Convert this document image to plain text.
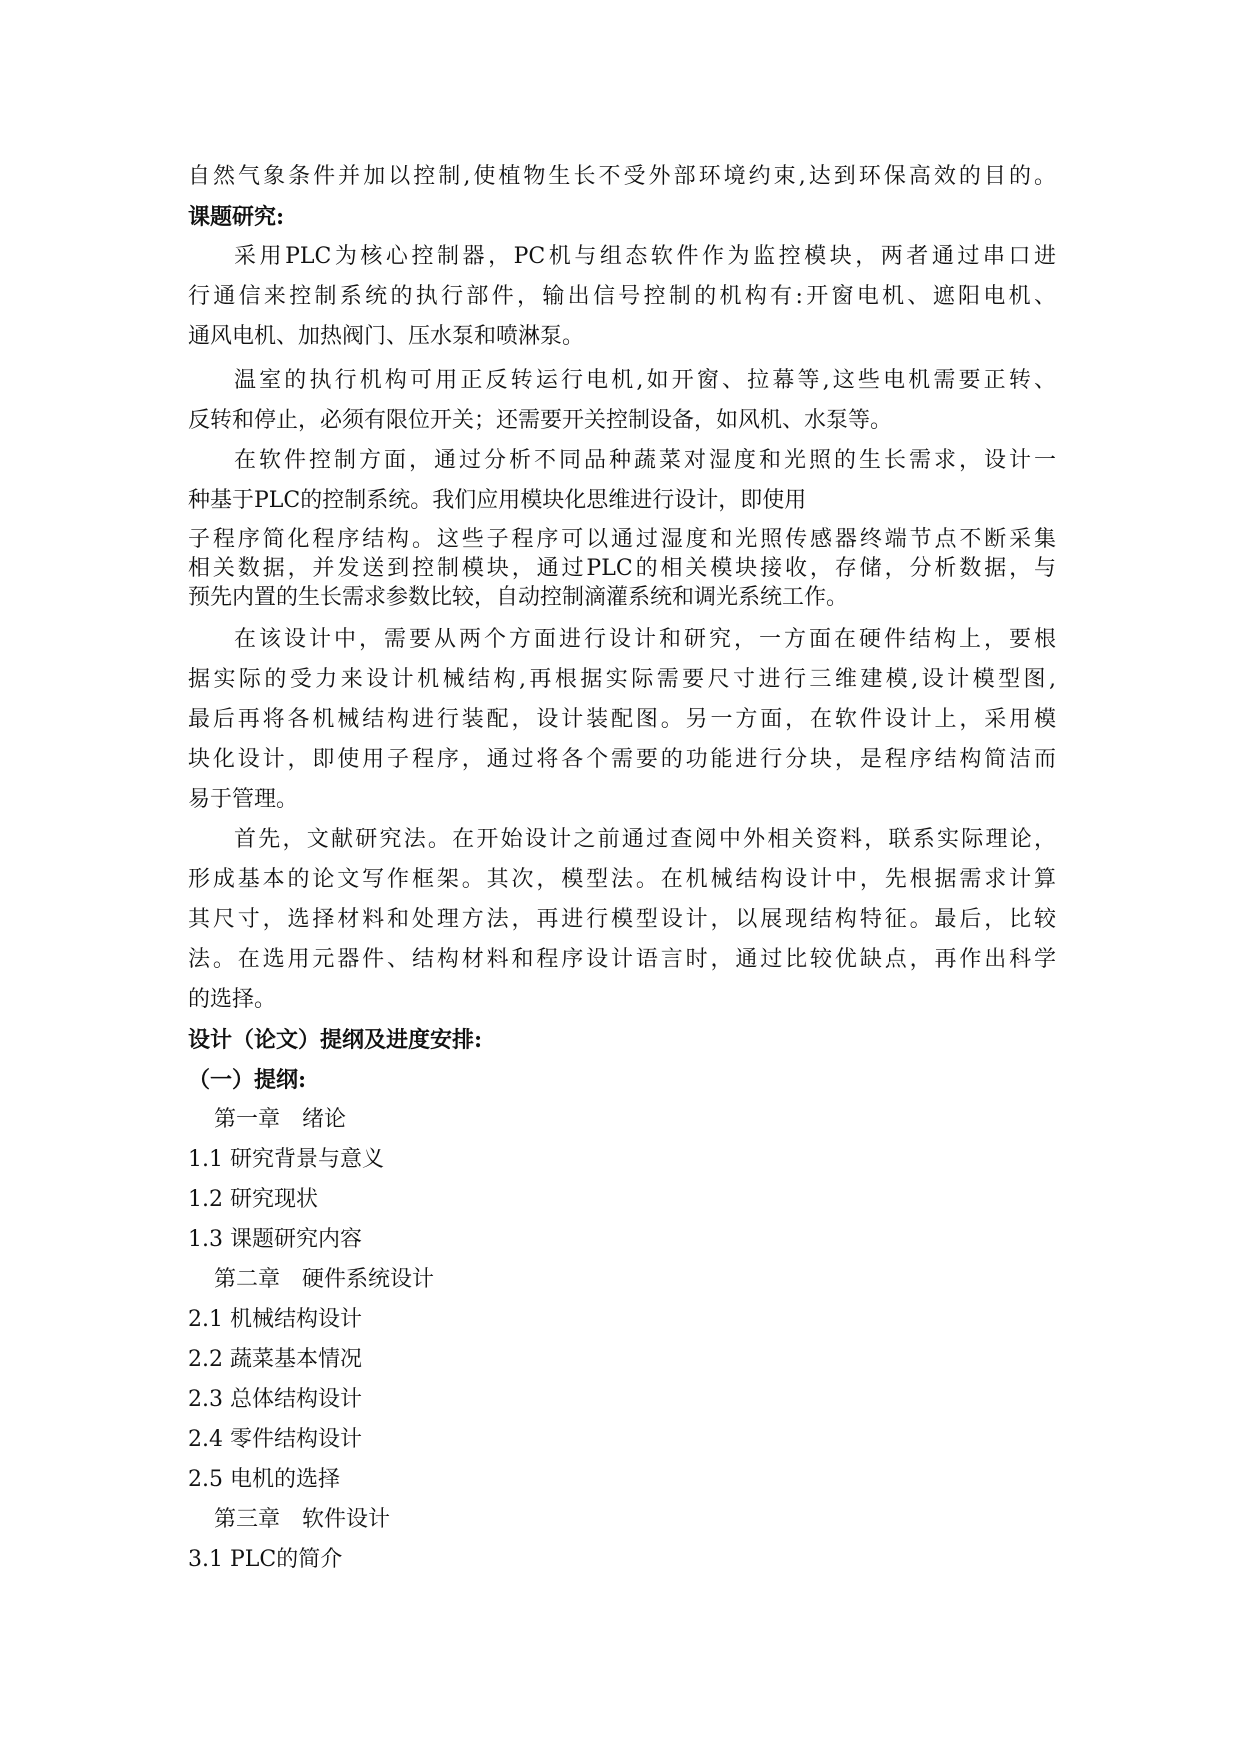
自然气象条件并加以控制,使植物生长不受外部环境约束,达到环保高效的目的。
课题研究:
采用PLC为核心控制器，PC机与组态软件作为监控模块，两者通过串口进
行通信来控制系统的执行部件，输出信号控制的机构有:开窗电机、遮阳电机、
通风电机、加热阀门、压水泵和喷淋泵。
温室的执行机构可用正反转运行电机,如开窗、拉幕等,这些电机需要正转、
反转和停止，必须有限位开关；还需要开关控制设备，如风机、水泵等。
在软件控制方面，通过分析不同品种蔬菜对湿度和光照的生长需求，设计一
种基于PLC的控制系统。我们应用模块化思维进行设计，即使用
子程序简化程序结构。这些子程序可以通过湿度和光照传感器终端节点不断采集
相关数据，并发送到控制模块，通过PLC的相关模块接收，存储，分析数据，与
预先内置的生长需求参数比较，自动控制滴灌系统和调光系统工作。
在该设计中，需要从两个方面进行设计和研究，一方面在硬件结构上，要根
据实际的受力来设计机械结构,再根据实际需要尺寸进行三维建模,设计模型图,
最后再将各机械结构进行装配，设计装配图。另一方面，在软件设计上，采用模
块化设计，即使用子程序，通过将各个需要的功能进行分块，是程序结构简洁而
易于管理。
首先，文献研究法。在开始设计之前通过查阅中外相关资料，联系实际理论，
形成基本的论文写作框架。其次，模型法。在机械结构设计中，先根据需求计算
其尺寸，选择材料和处理方法，再进行模型设计，以展现结构特征。最后，比较
法。在选用元器件、结构材料和程序设计语言时，通过比较优缺点，再作出科学
的选择。
设计（论文）提纲及进度安排:
（一）提纲:
第一章　绪论
1.1 研究背景与意义
1.2 研究现状
1.3 课题研究内容
第二章　硬件系统设计
2.1 机械结构设计
2.2 蔬菜基本情况
2.3 总体结构设计
2.4 零件结构设计
2.5 电机的选择
第三章　软件设计
3.1 PLC的简介
